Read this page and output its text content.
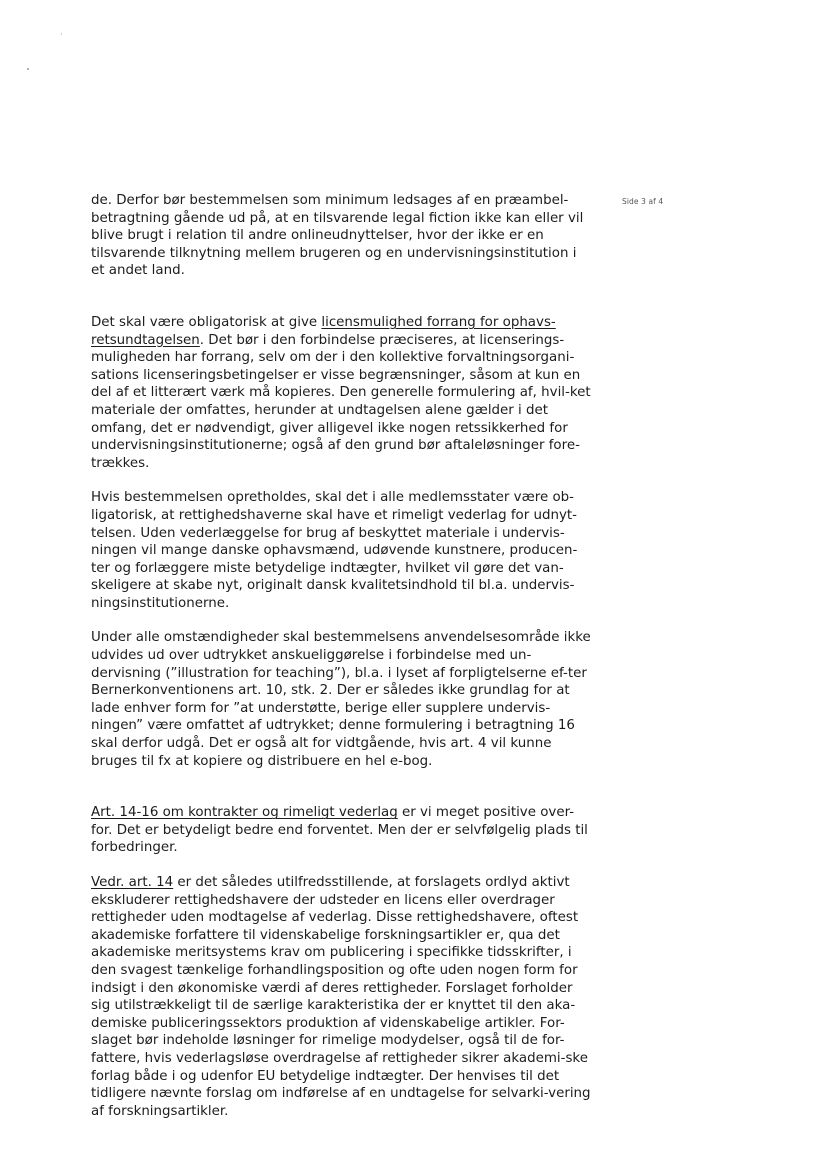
Side 3 af 4

de. Derfor bør bestemmelsen som minimum ledsages af en præambel- betragtning gående ud på, at en tilsvarende legal fiction ikke kan eller vil blive brugt i relation til andre onlineudnyttelser, hvor der ikke er en tilsvarende tilknytning mellem brugeren og en undervisningsinstitution i et andet land.

Det skal være obligatorisk at give licensmulighed forrang for ophavs-retsundtagelsen. Det bør i den forbindelse præciseres, at licenserings-muligheden har forrang, selv om der i den kollektive forvaltningsorgani-sations licenseringsbetingelser er visse begrænsninger, såsom at kun en del af et litterært værk må kopieres. Den generelle formulering af, hvil-ket materiale der omfattes, herunder at undtagelsen alene gælder i det omfang, det er nødvendigt, giver alligevel ikke nogen retssikkerhed for undervisningsinstitutionerne; også af den grund bør aftaleløsninger fore-trækkes.

Hvis bestemmelsen opretholdes, skal det i alle medlemsstater være ob-ligatorisk, at rettighedshaverne skal have et rimeligt vederlag for udnyt-telsen. Uden vederlæggelse for brug af beskyttet materiale i undervis-ningen vil mange danske ophavsmænd, udøvende kunstnere, producen-ter og forlæggere miste betydelige indtægter, hvilket vil gøre det van-skeligere at skabe nyt, originalt dansk kvalitetsindhold til bl.a. undervis-ningsinstitutionerne.

Under alle omstændigheder skal bestemmelsens anvendelsesområde ikke udvides ud over udtrykket anskueliggørelse i forbindelse med un-dervisning (”illustration for teaching”), bl.a. i lyset af forpligtelserne ef-ter Bernerkonventionens art. 10, stk. 2. Der er således ikke grundlag for at lade enhver form for ”at understøtte, berige eller supplere undervis-ningen” være omfattet af udtrykket; denne formulering i betragtning 16 skal derfor udgå. Det er også alt for vidtgående, hvis art. 4 vil kunne bruges til fx at kopiere og distribuere en hel e-bog.

Art. 14-16 om kontrakter og rimeligt vederlag er vi meget positive over-for. Det er betydeligt bedre end forventet. Men der er selvfølgelig plads til forbedringer.

Vedr. art. 14 er det således utilfredsstillende, at forslagets ordlyd aktivt ekskluderer rettighedshavere der udsteder en licens eller overdrager rettigheder uden modtagelse af vederlag. Disse rettighedshavere, oftest akademiske forfattere til videnskabelige forskningsartikler er, qua det akademiske meritsystems krav om publicering i specifikke tidsskrifter, i den svagest tænkelige forhandlingsposition og ofte uden nogen form for indsigt i den økonomiske værdi af deres rettigheder. Forslaget forholder sig utilstrækkeligt til de særlige karakteristika der er knyttet til den aka-demiske publiceringssektors produktion af videnskabelige artikler. For-slaget bør indeholde løsninger for rimelige modydelser, også til de for-fattere, hvis vederlagsløse overdragelse af rettigheder sikrer akademi-ske forlag både i og udenfor EU betydelige indtægter. Der henvises til det tidligere nævnte forslag om indførelse af en undtagelse for selvarki-vering af forskningsartikler.
